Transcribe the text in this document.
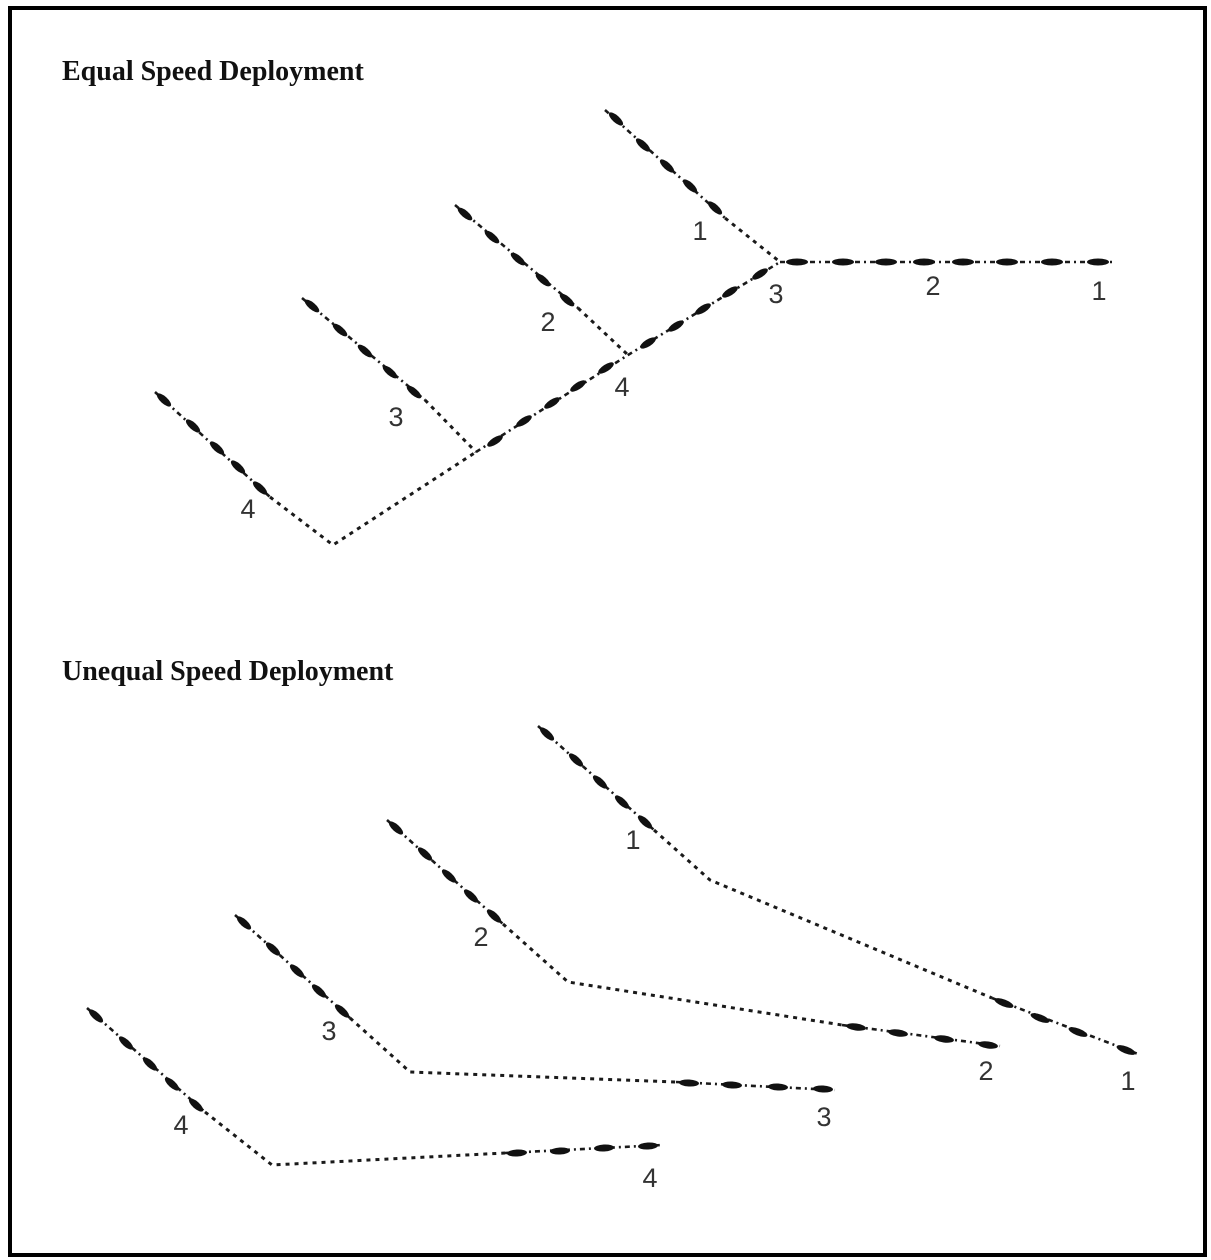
Equal Speed Deployment
Unequal Speed Deployment
1
2
3
4
2	1
3
4
1
2
3
4
1
2
3
4
